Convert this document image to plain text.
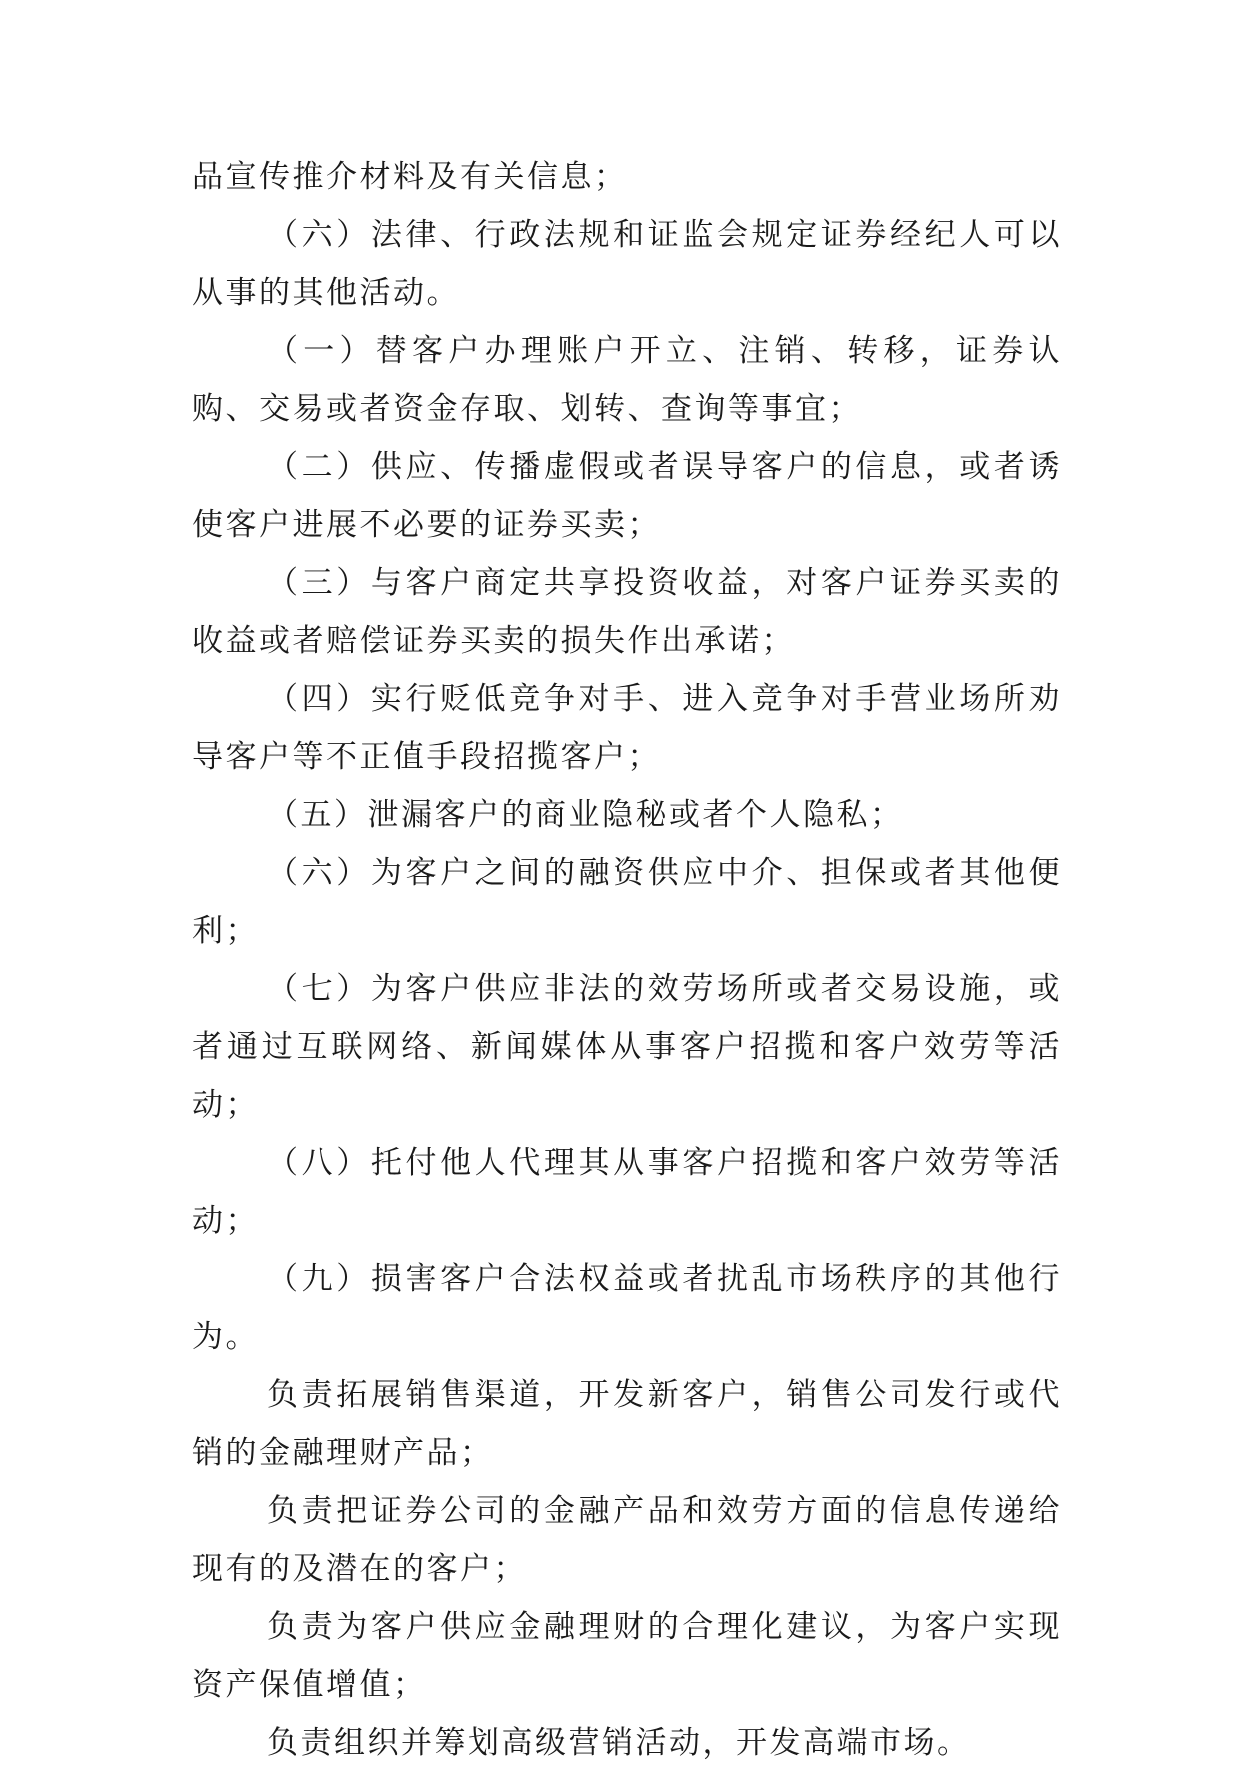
品宣传推介材料及有关信息；

（六）法律、行政法规和证监会规定证券经纪人可以从事的其他活动。

（一）替客户办理账户开立、注销、转移，证券认购、交易或者资金存取、划转、查询等事宜；

（二）供应、传播虚假或者误导客户的信息，或者诱使客户进展不必要的证券买卖；

（三）与客户商定共享投资收益，对客户证券买卖的收益或者赔偿证券买卖的损失作出承诺；

（四）实行贬低竞争对手、进入竞争对手营业场所劝导客户等不正值手段招揽客户；

（五）泄漏客户的商业隐秘或者个人隐私；

（六）为客户之间的融资供应中介、担保或者其他便利；

（七）为客户供应非法的效劳场所或者交易设施，或者通过互联网络、新闻媒体从事客户招揽和客户效劳等活动；

（八）托付他人代理其从事客户招揽和客户效劳等活动；

（九）损害客户合法权益或者扰乱市场秩序的其他行为。

负责拓展销售渠道，开发新客户，销售公司发行或代销的金融理财产品；

负责把证券公司的金融产品和效劳方面的信息传递给现有的及潜在的客户；

负责为客户供应金融理财的合理化建议，为客户实现资产保值增值；

负责组织并筹划高级营销活动，开发高端市场。
